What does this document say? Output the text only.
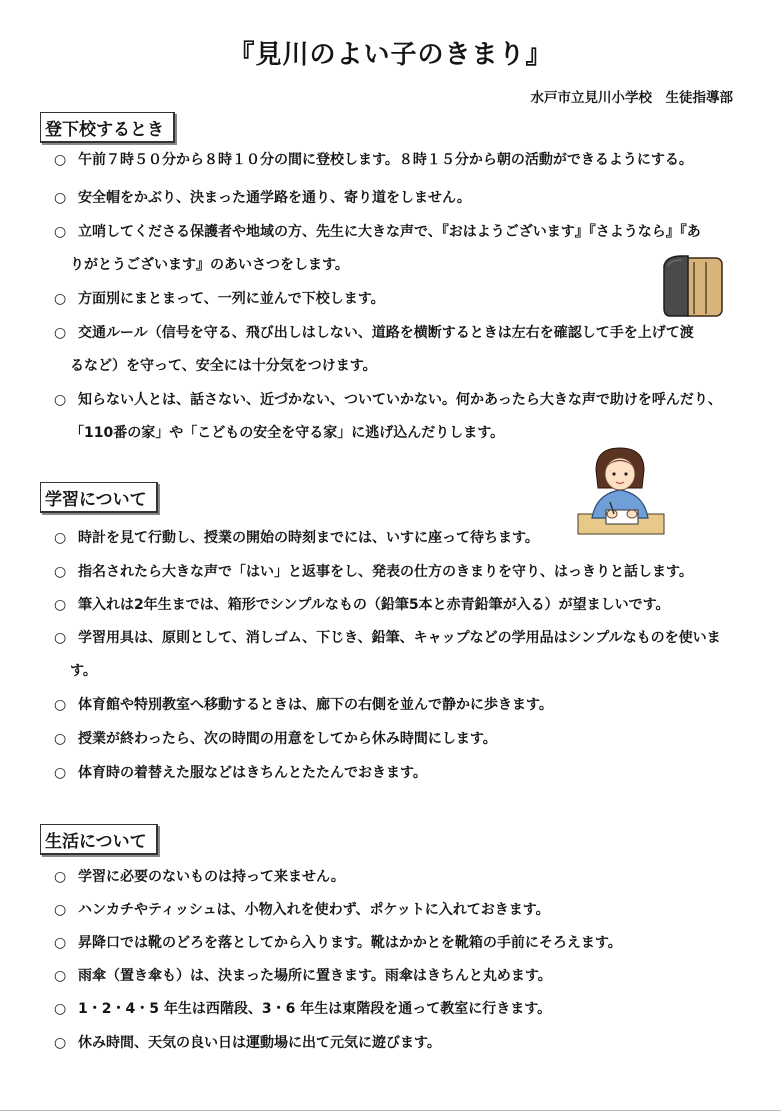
『見川のよい子のきまり』
水戸市立見川小学校　生徒指導部
登下校するとき
○ 午前７時５０分から８時１０分の間に登校します。８時１５分から朝の活動ができるようにする。
○ 安全帽をかぶり、決まった通学路を通り、寄り道をしません。
○ 立哨してくださる保護者や地域の方、先生に大きな声で、『おはようございます』『さようなら』『あ
りがとうございます』のあいさつをします。
○ 方面別にまとまって、一列に並んで下校します。
○ 交通ルール（信号を守る、飛び出しはしない、道路を横断するときは左右を確認して手を上げて渡
るなど）を守って、安全には十分気をつけます。
○ 知らない人とは、話さない、近づかない、ついていかない。何かあったら大きな声で助けを呼んだり、
「110番の家」や「こどもの安全を守る家」に逃げ込んだりします。
学習について
○ 時計を見て行動し、授業の開始の時刻までには、いすに座って待ちます。
○ 指名されたら大きな声で「はい」と返事をし、発表の仕方のきまりを守り、はっきりと話します。
○ 筆入れは2年生までは、箱形でシンプルなもの（鉛筆5本と赤青鉛筆が入る）が望ましいです。
○ 学習用具は、原則として、消しゴム、下じき、鉛筆、キャップなどの学用品はシンプルなものを使いま
す。
○ 体育館や特別教室へ移動するときは、廊下の右側を並んで静かに歩きます。
○ 授業が終わったら、次の時間の用意をしてから休み時間にします。
○ 体育時の着替えた服などはきちんとたたんでおきます。
生活について
○ 学習に必要のないものは持って来ません。
○ ハンカチやティッシュは、小物入れを使わず、ポケットに入れておきます。
○ 昇降口では靴のどろを落としてから入ります。靴はかかとを靴箱の手前にそろえます。
○ 雨傘（置き傘も）は、決まった場所に置きます。雨傘はきちんと丸めます。
○ 1・2・4・5 年生は西階段、3・6 年生は東階段を通って教室に行きます。
○ 休み時間、天気の良い日は運動場に出て元気に遊びます。
